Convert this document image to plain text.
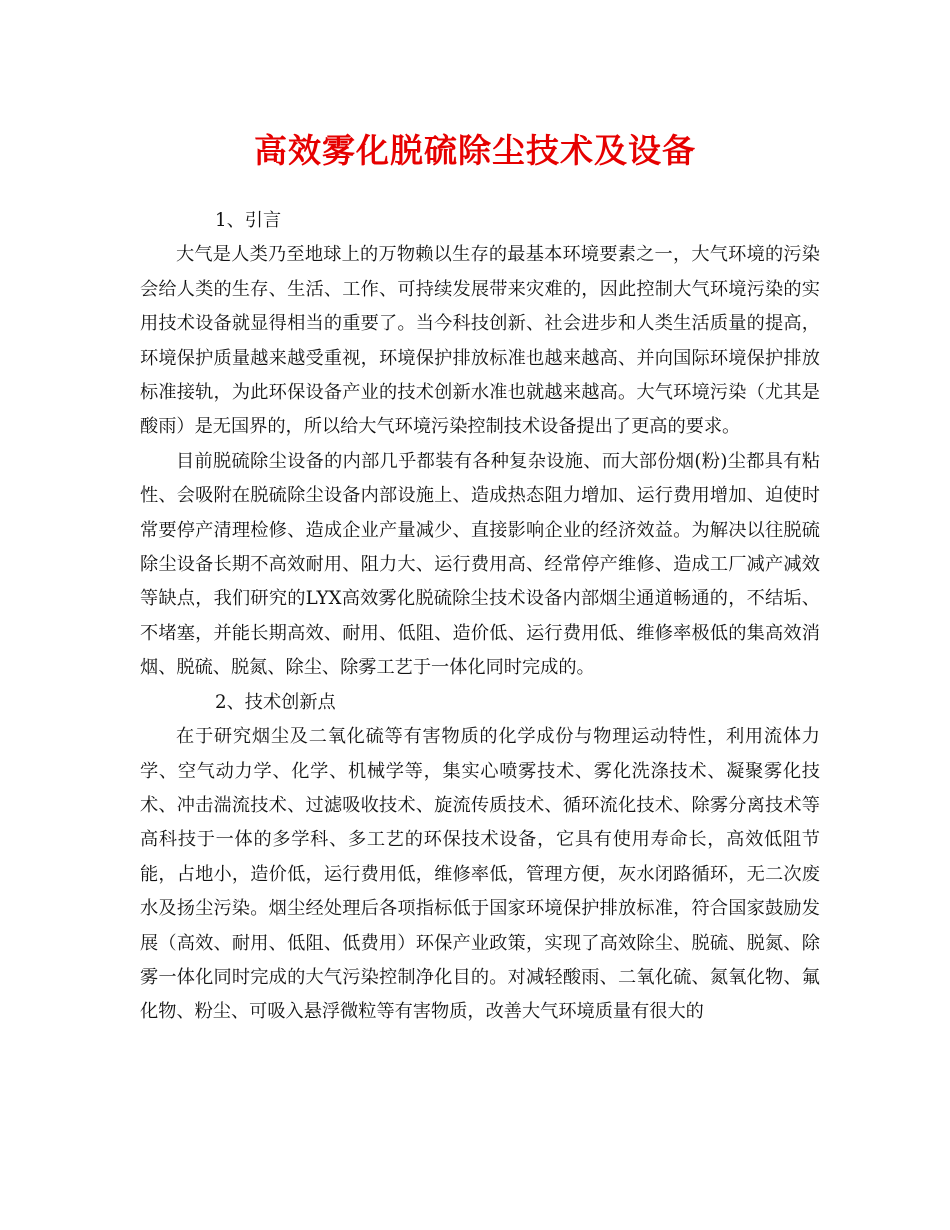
高效雾化脱硫除尘技术及设备

1、引言

大气是人类乃至地球上的万物赖以生存的最基本环境要素之一，大气环境的污染会给人类的生存、生活、工作、可持续发展带来灾难的，因此控制大气环境污染的实用技术设备就显得相当的重要了。当今科技创新、社会进步和人类生活质量的提高，环境保护质量越来越受重视，环境保护排放标准也越来越高、并向国际环境保护排放标准接轨，为此环保设备产业的技术创新水准也就越来越高。大气环境污染（尤其是酸雨）是无国界的，所以给大气环境污染控制技术设备提出了更高的要求。

目前脱硫除尘设备的内部几乎都装有各种复杂设施、而大部份烟(粉)尘都具有粘性、会吸附在脱硫除尘设备内部设施上、造成热态阻力增加、运行费用增加、迫使时常要停产清理检修、造成企业产量减少、直接影响企业的经济效益。为解决以往脱硫除尘设备长期不高效耐用、阻力大、运行费用高、经常停产维修、造成工厂减产减效等缺点，我们研究的LYX高效雾化脱硫除尘技术设备内部烟尘通道畅通的，不结垢、不堵塞，并能长期高效、耐用、低阻、造价低、运行费用低、维修率极低的集高效消烟、脱硫、脱氮、除尘、除雾工艺于一体化同时完成的。

2、技术创新点

在于研究烟尘及二氧化硫等有害物质的化学成份与物理运动特性，利用流体力学、空气动力学、化学、机械学等，集实心喷雾技术、雾化洗涤技术、凝聚雾化技术、冲击湍流技术、过滤吸收技术、旋流传质技术、循环流化技术、除雾分离技术等高科技于一体的多学科、多工艺的环保技术设备，它具有使用寿命长，高效低阻节能，占地小，造价低，运行费用低，维修率低，管理方便，灰水闭路循环，无二次废水及扬尘污染。烟尘经处理后各项指标低于国家环境保护排放标准，符合国家鼓励发展（高效、耐用、低阻、低费用）环保产业政策，实现了高效除尘、脱硫、脱氮、除雾一体化同时完成的大气污染控制净化目的。对减轻酸雨、二氧化硫、氮氧化物、氟化物、粉尘、可吸入悬浮微粒等有害物质，改善大气环境质量有很大的
